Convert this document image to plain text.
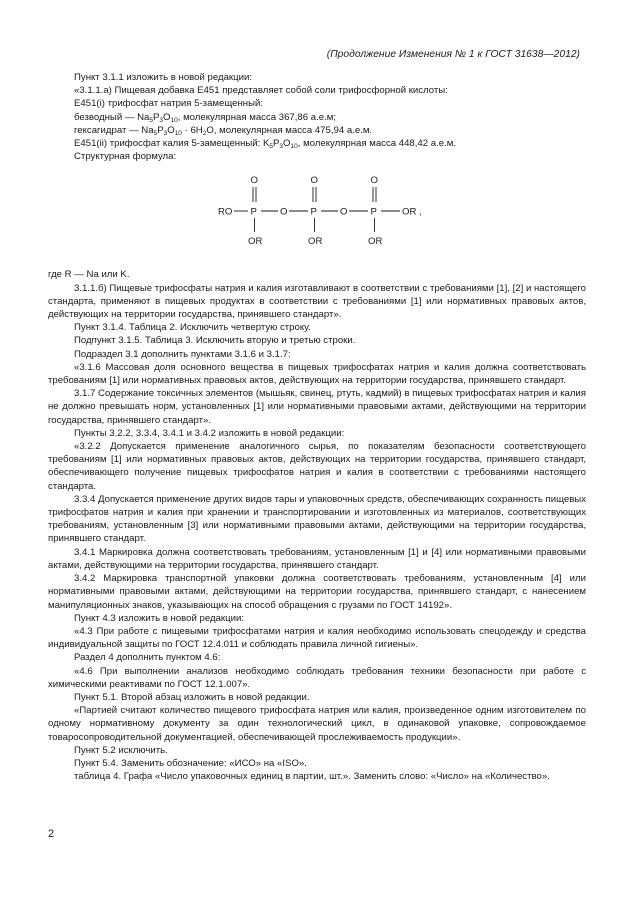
(Продолжение Изменения № 1 к ГОСТ 31638—2012)

Пункт 3.1.1 изложить в новой редакции:

«3.1.1.а) Пищевая добавка Е451 представляет собой соли трифосфорной кислоты:

Е451(i) трифосфат натрия 5-замещенный:

безводный — $Na_5P_3O_{10}$, молекулярная масса 367,86 а.е.м;

гексагидрат — $Na_5P_3O_{10} \cdot 6H_2O$, молекулярная масса 475,94 а.е.м.

Е451(ii) трифосфат калия 5-замещенный: $K_5P_3O_{10}$, молекулярная масса 448,42 а.е.м.

Структурная формула:

O	O	O
RO P O P O P	OR ,
OR	OR	OR

где R — Na или K.

3.1.1.б) Пищевые трифосфаты натрия и калия изготавливают в соответствии с требованиями [1], [2] и настоящего стандарта, применяют в пищевых продуктах в соответствии с требованиями [1] или нормативных правовых актов, действующих на территории государства, принявшего стандарт».

Пункт 3.1.4. Таблица 2. Исключить четвертую строку.

Подпункт 3.1.5. Таблица 3. Исключить вторую и третью строки.

Подраздел 3.1 дополнить пунктами 3.1.6 и 3.1.7:

«3.1.6 Массовая доля основного вещества в пищевых трифосфатах натрия и калия должна соответствовать требованиям [1] или нормативных правовых актов, действующих на территории государства, принявшего стандарт.

3.1.7 Содержание токсичных элементов (мышьяк, свинец, ртуть, кадмий) в пищевых трифосфатах натрия и калия не должно превышать норм, установленных [1] или нормативными правовыми актами, действующими на территории государства, принявшего стандарт».

Пункты 3.2.2, 3.3.4, 3.4.1 и 3.4.2 изложить в новой редакции:

«3.2.2 Допускается применение аналогичного сырья, по показателям безопасности соответствующего требованиям [1] или нормативных правовых актов, действующих на территории государства, принявшего стандарт, обеспечивающего получение пищевых трифосфатов натрия и калия в соответствии с требованиями настоящего стандарта.

3.3.4 Допускается применение других видов тары и упаковочных средств, обеспечивающих сохранность пищевых трифосфатов натрия и калия при хранении и транспортировании и изготовленных из материалов, соответствующих требованиям, установленным [3] или нормативными правовыми актами, действующими на территории государства, принявшего стандарт.

3.4.1 Маркировка должна соответствовать требованиям, установленным [1] и [4] или нормативными правовыми актами, действующими на территории государства, принявшего стандарт.

3.4.2 Маркировка транспортной упаковки должна соответствовать требованиям, установленным [4] или нормативными правовыми актами, действующими на территории государства, принявшего стандарт, с нанесением манипуляционных знаков, указывающих на способ обращения с грузами по ГОСТ 14192».

Пункт 4.3 изложить в новой редакции:

«4.3 При работе с пищевыми трифосфатами натрия и калия необходимо использовать спецодежду и средства индивидуальной защиты по ГОСТ 12.4.011 и соблюдать правила личной гигиены».

Раздел 4 дополнить пунктом 4.6:

«4.6 При выполнении анализов необходимо соблюдать требования техники безопасности при работе с химическими реактивами по ГОСТ 12.1.007».

Пункт 5.1. Второй абзац изложить в новой редакции.

«Партией считают количество пищевого трифосфата натрия или калия, произведенное одним изготовителем по одному нормативному документу за один технологический цикл, в одинаковой упаковке, сопровождаемое товаросопроводительной документацией, обеспечивающей прослеживаемость продукции».

Пункт 5.2 исключить.

Пункт 5.4. Заменить обозначение: «ИСО» на «ISO».

таблица 4. Графа «Число упаковочных единиц в партии, шт.». Заменить слово: «Число» на «Количество».

2
